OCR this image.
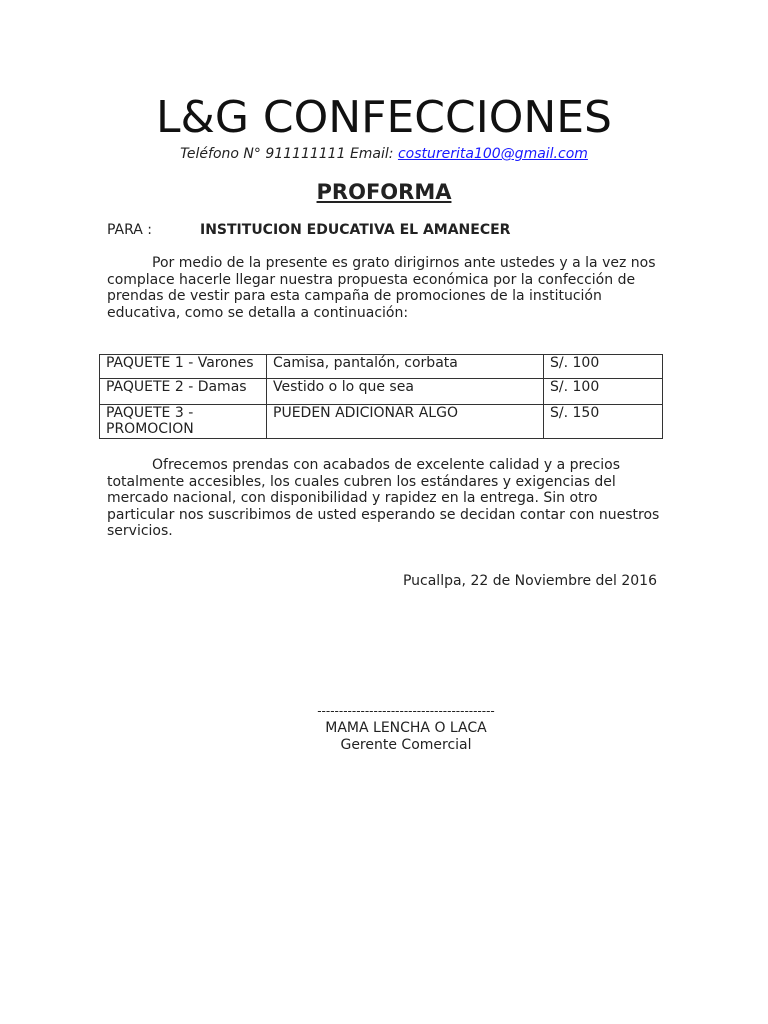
L&G CONFECCIONES
Teléfono N° 911111111 Email: costurerita100@gmail.com
PROFORMA
PARA :	INSTITUCION EDUCATIVA EL AMANECER

Por medio de la presente es grato dirigirnos ante ustedes y a la vez nos complace hacerle llegar nuestra propuesta económica por la confección de prendas de vestir para esta campaña de promociones de la institución educativa, como se detalla a continuación:

PAQUETE 1 - Varones	Camisa, pantalón, corbata	S/. 100
PAQUETE 2 - Damas	Vestido o lo que sea	S/. 100
PAQUETE 3 - PROMOCION	PUEDEN ADICIONAR ALGO	S/. 150

Ofrecemos prendas con acabados de excelente calidad y a precios totalmente accesibles, los cuales cubren los estándares y exigencias del mercado nacional, con disponibilidad y rapidez en la entrega. Sin otro particular nos suscribimos de usted esperando se decidan contar con nuestros servicios.

Pucallpa, 22 de Noviembre del 2016
-----------------------------------------
MAMA LENCHA O LACA
Gerente Comercial
